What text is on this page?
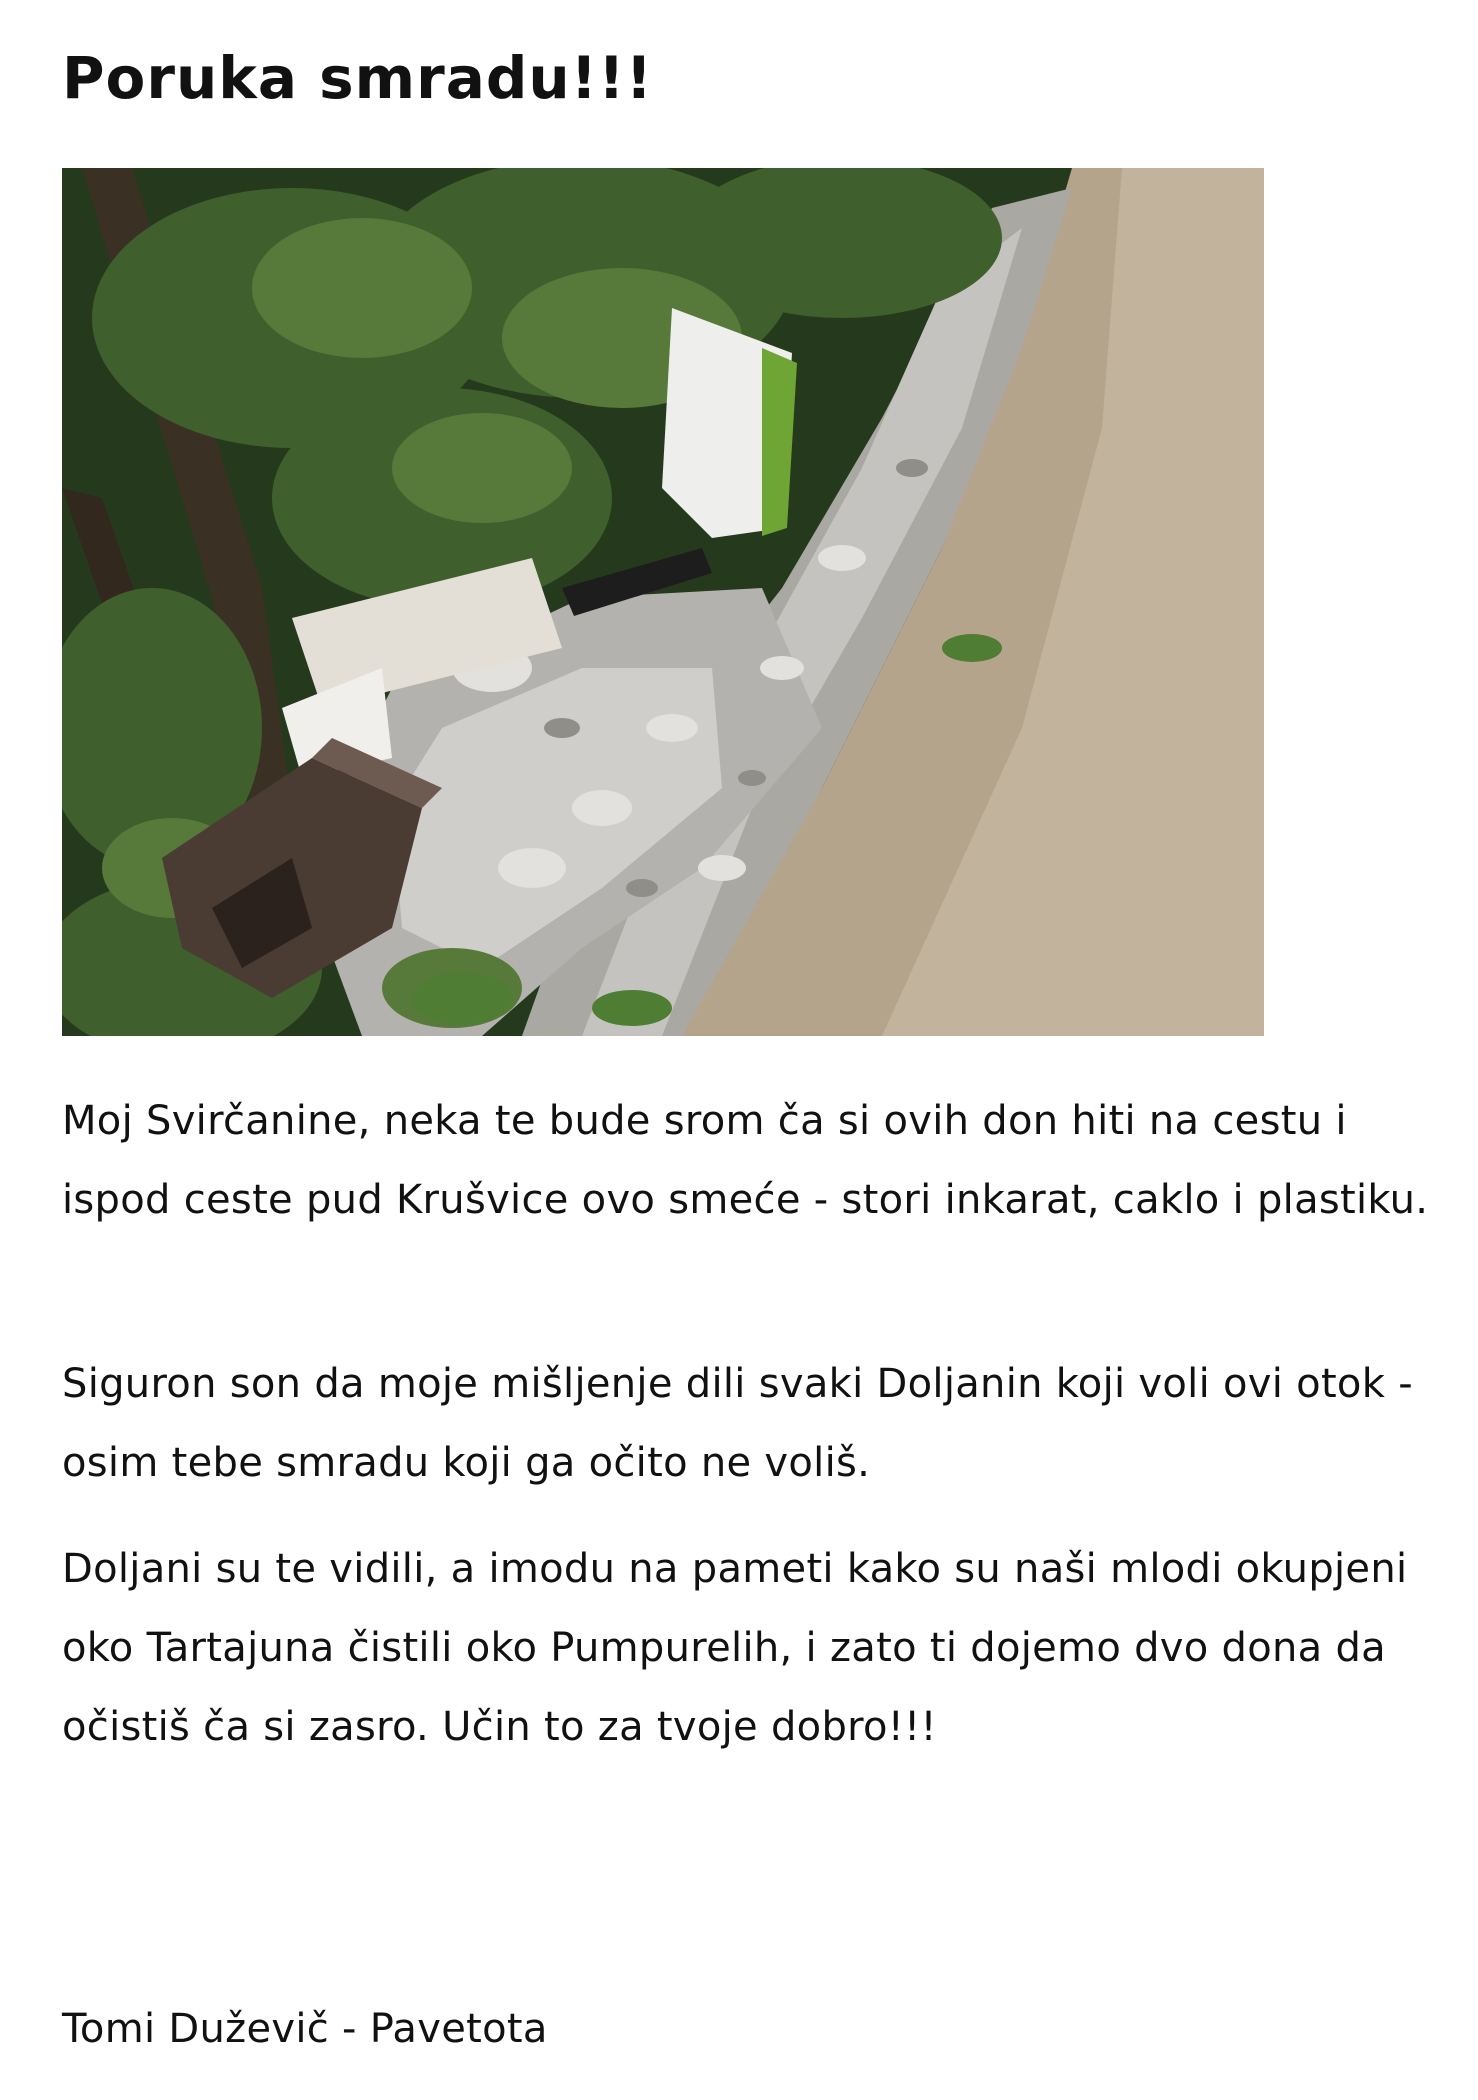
Poruka smradu!!!

Moj Svirčanine, neka te bude srom ča si ovih don hiti na cestu i ispod ceste pud Krušvice ovo smeće - stori inkarat, caklo i plastiku.

Siguron son da moje mišljenje dili svaki Doljanin koji voli ovi otok - osim tebe smradu koji ga očito ne voliš.

Doljani su te vidili, a imodu na pameti kako su naši mlodi okupjeni oko Tartajuna čistili oko Pumpurelih, i zato ti dojemo dvo dona da očistiš ča si zasro. Učin to za tvoje dobro!!!

Tomi Duževič - Pavetota
